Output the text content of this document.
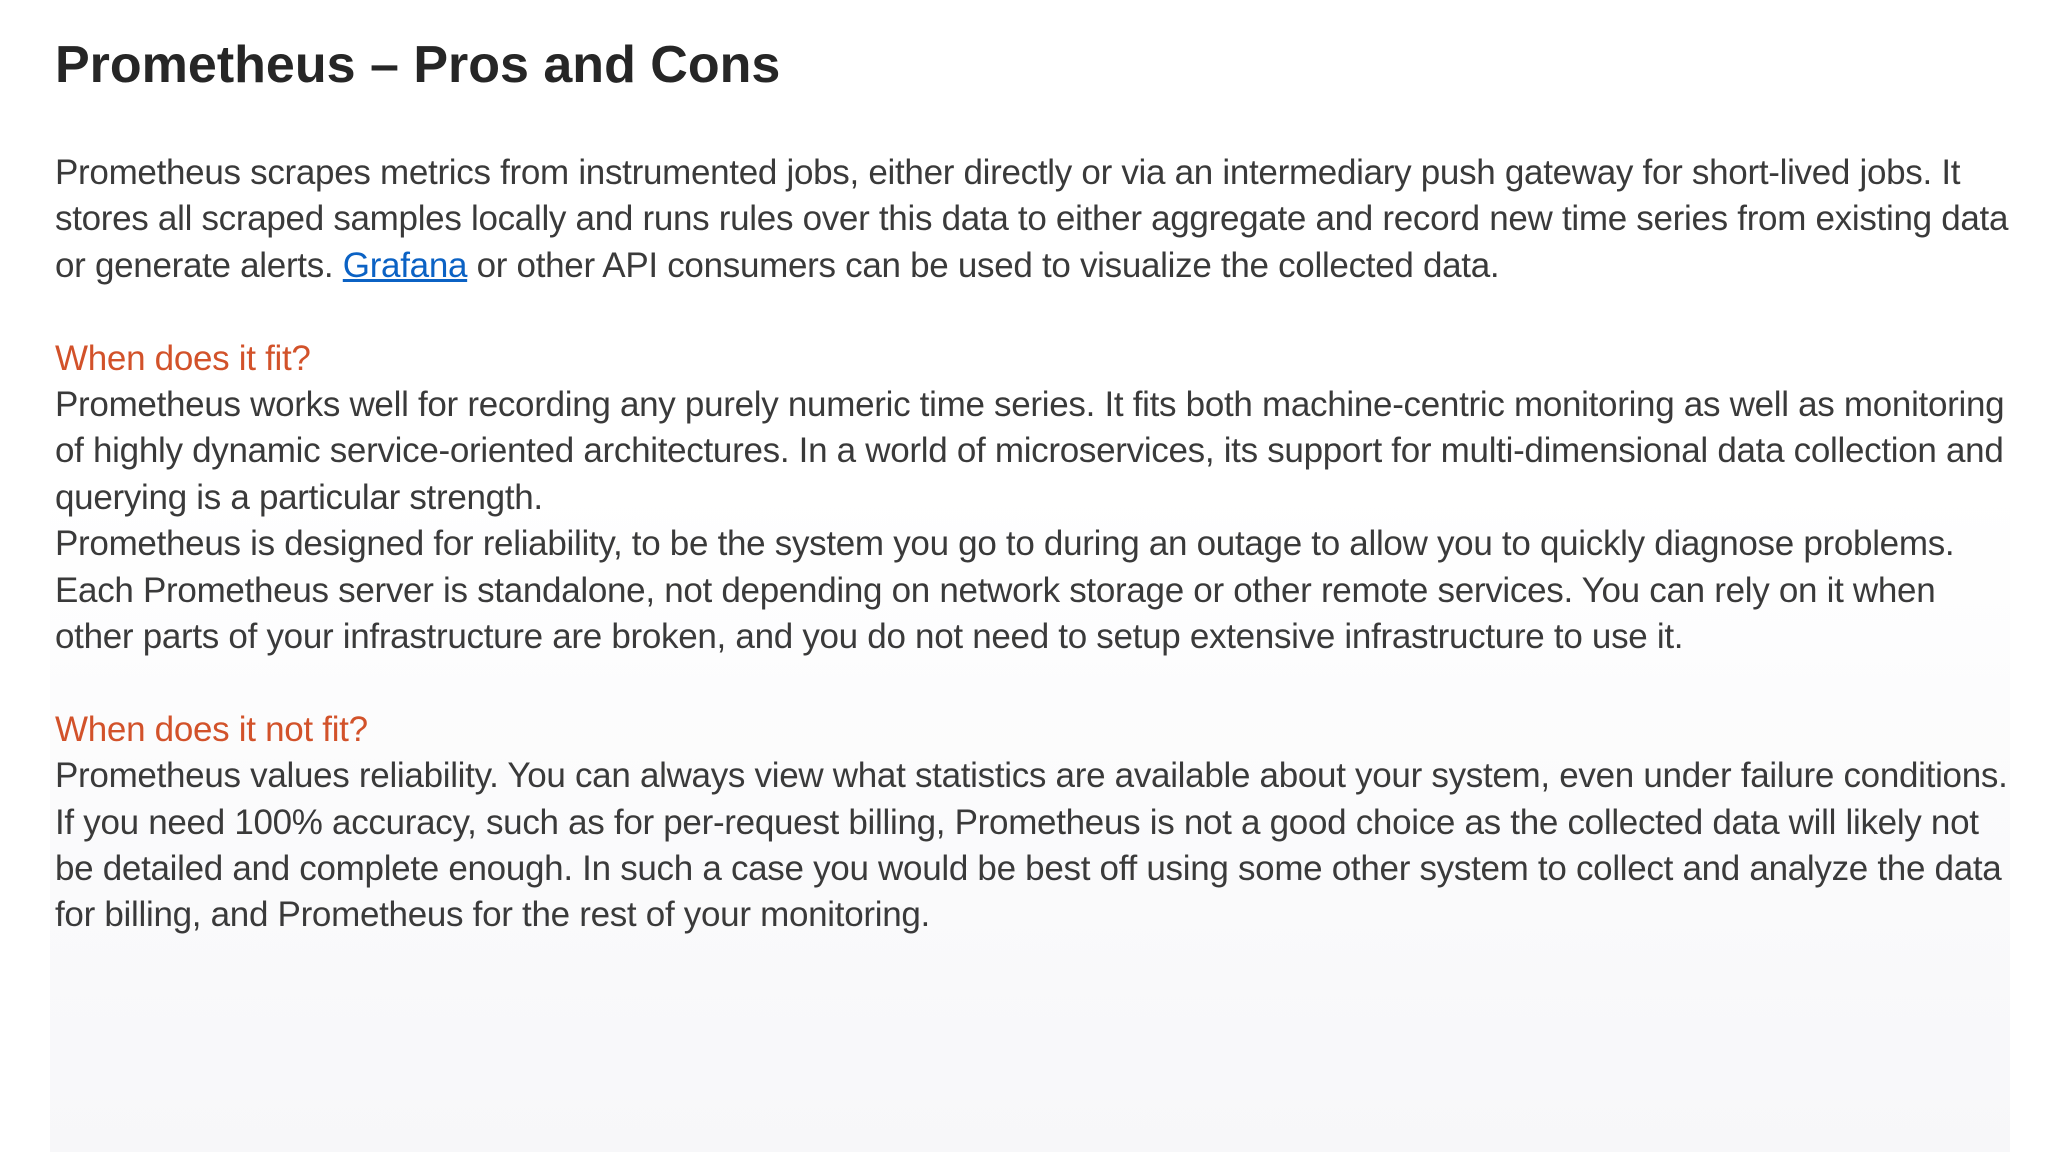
Prometheus – Pros and Cons

Prometheus scrapes metrics from instrumented jobs, either directly or via an intermediary push gateway for short-lived jobs. It stores all scraped samples locally and runs rules over this data to either aggregate and record new time series from existing data or generate alerts. Grafana or other API consumers can be used to visualize the collected data.

When does it fit?

Prometheus works well for recording any purely numeric time series. It fits both machine-centric monitoring as well as monitoring of highly dynamic service-oriented architectures. In a world of microservices, its support for multi-dimensional data collection and querying is a particular strength.

Prometheus is designed for reliability, to be the system you go to during an outage to allow you to quickly diagnose problems. Each Prometheus server is standalone, not depending on network storage or other remote services. You can rely on it when other parts of your infrastructure are broken, and you do not need to setup extensive infrastructure to use it.

When does it not fit?

Prometheus values reliability. You can always view what statistics are available about your system, even under failure conditions. If you need 100% accuracy, such as for per-request billing, Prometheus is not a good choice as the collected data will likely not be detailed and complete enough. In such a case you would be best off using some other system to collect and analyze the data for billing, and Prometheus for the rest of your monitoring.
